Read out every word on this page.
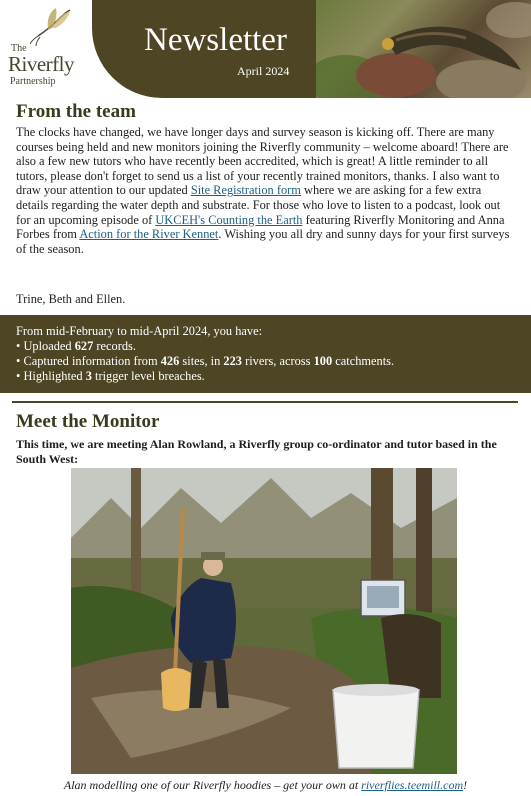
The
Riverfly
Partnership
Newsletter
April 2024
From the team
The clocks have changed, we have longer days and survey season is kicking off. There are many courses being held and new monitors joining the Riverfly community – welcome aboard! There are also a few new tutors who have recently been accredited, which is great! A little reminder to all tutors, please don't forget to send us a list of your recently trained monitors, thanks. I also want to draw your attention to our updated Site Registration form where we are asking for a few extra details regarding the water depth and substrate. For those who love to listen to a podcast, look out for an upcoming episode of UKCEH's Counting the Earth featuring Riverfly Monitoring and Anna Forbes from Action for the River Kennet. Wishing you all dry and sunny days for your first surveys of the season.
Trine, Beth and Ellen.
From mid-February to mid-April 2024, you have:
• Uploaded 627 records.
• Captured information from 426 sites, in 223 rivers, across 100 catchments.
• Highlighted 3 trigger level breaches.
Meet the Monitor
This time, we are meeting Alan Rowland, a Riverfly group co-ordinator and tutor based in the South West:
Alan modelling one of our Riverfly hoodies – get your own at riverflies.teemill.com!
